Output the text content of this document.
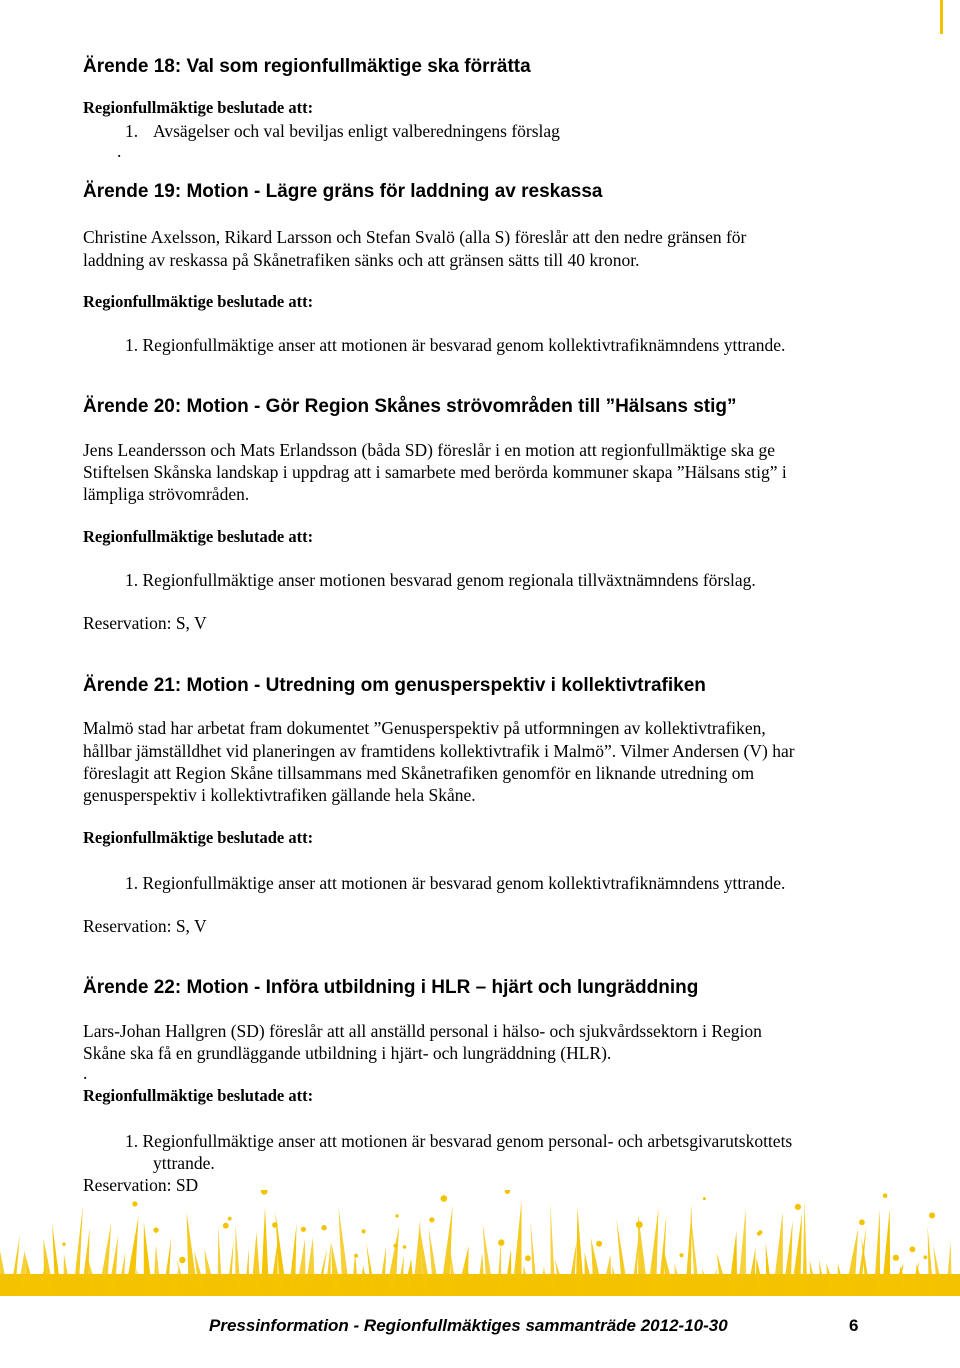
Ärende 18: Val som regionfullmäktige ska förrätta

Regionfullmäktige beslutade att:

1. Avsägelser och val beviljas enligt valberedningens förslag

.

Ärende 19: Motion - Lägre gräns för laddning av reskassa

Christine Axelsson, Rikard Larsson och Stefan Svalö (alla S) föreslår att den nedre gränsen för

laddning av reskassa på Skånetrafiken sänks och att gränsen sätts till 40 kronor.

Regionfullmäktige beslutade att:

1. Regionfullmäktige anser att motionen är besvarad genom kollektivtrafiknämndens yttrande.

Ärende 20: Motion - Gör Region Skånes strövområden till ”Hälsans stig”

Jens Leandersson och Mats Erlandsson (båda SD) föreslår i en motion att regionfullmäktige ska ge

Stiftelsen Skånska landskap i uppdrag att i samarbete med berörda kommuner skapa ”Hälsans stig” i

lämpliga strövområden.

Regionfullmäktige beslutade att:

1. Regionfullmäktige anser motionen besvarad genom regionala tillväxtnämndens förslag.

Reservation: S, V

Ärende 21: Motion - Utredning om genusperspektiv i kollektivtrafiken

Malmö stad har arbetat fram dokumentet ”Genusperspektiv på utformningen av kollektivtrafiken,

hållbar jämställdhet vid planeringen av framtidens kollektivtrafik i Malmö”. Vilmer Andersen (V) har

föreslagit att Region Skåne tillsammans med Skånetrafiken genomför en liknande utredning om

genusperspektiv i kollektivtrafiken gällande hela Skåne.

Regionfullmäktige beslutade att:

1. Regionfullmäktige anser att motionen är besvarad genom kollektivtrafiknämndens yttrande.

Reservation: S, V

Ärende 22: Motion - Införa utbildning i HLR – hjärt och lungräddning

Lars-Johan Hallgren (SD) föreslår att all anställd personal i hälso- och sjukvårdssektorn i Region

Skåne ska få en grundläggande utbildning i hjärt- och lungräddning (HLR).

.

Regionfullmäktige beslutade att:

1. Regionfullmäktige anser att motionen är besvarad genom personal- och arbetsgivarutskottets

yttrande.

Reservation: SD

Pressinformation - Regionfullmäktiges sammanträde 2012-10-30	6
